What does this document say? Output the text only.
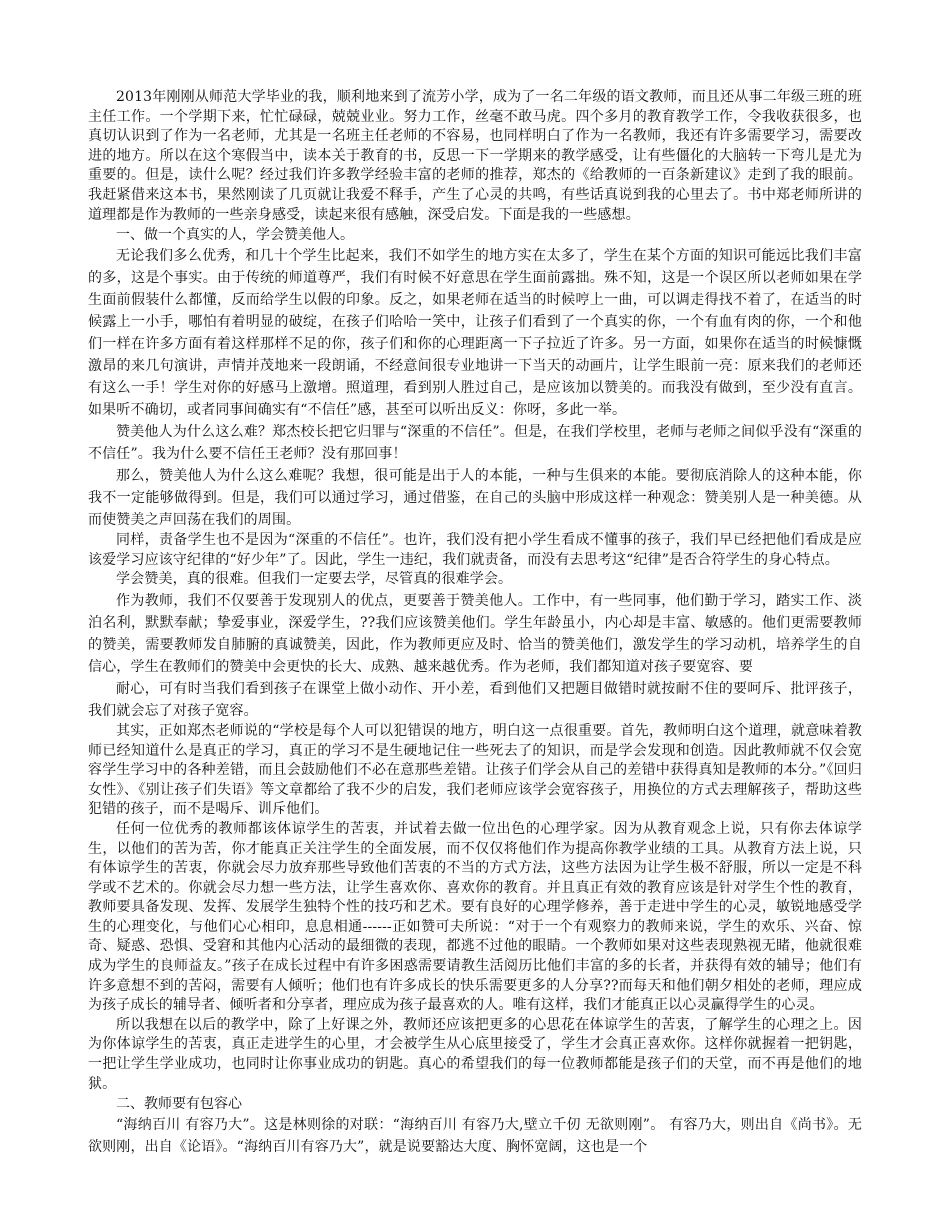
2013年刚刚从师范大学毕业的我，顺利地来到了流芳小学，成为了一名二年级的语文教师，而且还从事二年级三班的班主任工作。一个学期下来，忙忙碌碌，兢兢业业。努力工作，丝毫不敢马虎。四个多月的教育教学工作，令我收获很多，也真切认识到了作为一名老师，尤其是一名班主任老师的不容易，也同样明白了作为一名教师，我还有许多需要学习，需要改进的地方。所以在这个寒假当中，读本关于教育的书，反思一下一学期来的教学感受，让有些僵化的大脑转一下弯儿是尤为重要的。但是，读什么呢？经过我们许多教学经验丰富的老师的推荐，郑杰的《给教师的一百条新建议》走到了我的眼前。我赶紧借来这本书，果然刚读了几页就让我爱不释手，产生了心灵的共鸣，有些话真说到我的心里去了。书中郑老师所讲的道理都是作为教师的一些亲身感受，读起来很有感触，深受启发。下面是我的一些感想。

一、做一个真实的人，学会赞美他人。

无论我们多么优秀，和几十个学生比起来，我们不如学生的地方实在太多了，学生在某个方面的知识可能远比我们丰富的多，这是个事实。由于传统的师道尊严，我们有时候不好意思在学生面前露拙。殊不知，这是一个误区所以老师如果在学生面前假装什么都懂，反而给学生以假的印象。反之，如果老师在适当的时候哼上一曲，可以调走得找不着了，在适当的时候露上一小手，哪怕有着明显的破绽，在孩子们哈哈一笑中，让孩子们看到了一个真实的你，一个有血有肉的你，一个和他们一样在许多方面有着这样那样不足的你，孩子们和你的心理距离一下子拉近了许多。另一方面，如果你在适当的时候慷慨激昂的来几句演讲，声情并茂地来一段朗诵，不经意间很专业地讲一下当天的动画片，让学生眼前一亮：原来我们的老师还有这么一手！学生对你的好感马上激增。照道理，看到别人胜过自己，是应该加以赞美的。而我没有做到，至少没有直言。如果听不确切，或者同事间确实有“不信任”感，甚至可以听出反义：你呀，多此一举。

赞美他人为什么这么难？郑杰校长把它归罪与“深重的不信任”。但是，在我们学校里，老师与老师之间似乎没有“深重的不信任”。我为什么要不信任王老师？没有那回事！

那么，赞美他人为什么这么难呢？我想，很可能是出于人的本能，一种与生俱来的本能。要彻底消除人的这种本能，你我不一定能够做得到。但是，我们可以通过学习，通过借鉴，在自己的头脑中形成这样一种观念：赞美别人是一种美德。从而使赞美之声回荡在我们的周围。

同样，责备学生也不是因为“深重的不信任”。也许，我们没有把小学生看成不懂事的孩子，我们早已经把他们看成是应该爱学习应该守纪律的“好少年”了。因此，学生一违纪，我们就责备，而没有去思考这“纪律”是否合符学生的身心特点。

学会赞美，真的很难。但我们一定要去学，尽管真的很难学会。

作为教师，我们不仅要善于发现别人的优点，更要善于赞美他人。工作中，有一些同事，他们勤于学习，踏实工作、淡泊名利，默默奉献；挚爱事业，深爱学生，??我们应该赞美他们。学生年龄虽小，内心却是丰富、敏感的。他们更需要教师的赞美，需要教师发自肺腑的真诚赞美，因此，作为教师更应及时、恰当的赞美他们，激发学生的学习动机，培养学生的自信心，学生在教师们的赞美中会更快的长大、成熟、越来越优秀。作为老师，我们都知道对孩子要宽容、要

耐心，可有时当我们看到孩子在课堂上做小动作、开小差，看到他们又把题目做错时就按耐不住的要呵斥、批评孩子，我们就会忘了对孩子宽容。

其实，正如郑杰老师说的“学校是每个人可以犯错误的地方，明白这一点很重要。首先，教师明白这个道理，就意味着教师已经知道什么是真正的学习，真正的学习不是生硬地记住一些死去了的知识，而是学会发现和创造。因此教师就不仅会宽容学生学习中的各种差错，而且会鼓励他们不必在意那些差错。让孩子们学会从自己的差错中获得真知是教师的本分。”《回归女性》、《别让孩子们失语》等文章都给了我不少的启发，我们老师应该学会宽容孩子，用换位的方式去理解孩子，帮助这些犯错的孩子，而不是喝斥、训斥他们。

任何一位优秀的教师都该体谅学生的苦衷，并试着去做一位出色的心理学家。因为从教育观念上说，只有你去体谅学生，以他们的苦为苦，你才能真正关注学生的全面发展，而不仅仅将他们作为提高你教学业绩的工具。从教育方法上说，只有体谅学生的苦衷，你就会尽力放弃那些导致他们苦衷的不当的方式方法，这些方法因为让学生极不舒服，所以一定是不科学或不艺术的。你就会尽力想一些方法，让学生喜欢你、喜欢你的教育。并且真正有效的教育应该是针对学生个性的教育，教师要具备发现、发挥、发展学生独特个性的技巧和艺术。要有良好的心理学修养，善于走进中学生的心灵，敏锐地感受学生的心理变化，与他们心心相印，息息相通------正如赞可夫所说：“对于一个有观察力的教师来说，学生的欢乐、兴奋、惊奇、疑惑、恐惧、受窘和其他内心活动的最细微的表现，都逃不过他的眼睛。一个教师如果对这些表现熟视无睹，他就很难成为学生的良师益友。”孩子在成长过程中有许多困惑需要请教生活阅历比他们丰富的多的长者，并获得有效的辅导；他们有许多意想不到的苦闷，需要有人倾听；他们也有许多成长的快乐需要更多的人分享??而每天和他们朝夕相处的老师，理应成为孩子成长的辅导者、倾听者和分享者，理应成为孩子最喜欢的人。唯有这样，我们才能真正以心灵赢得学生的心灵。

所以我想在以后的教学中，除了上好课之外，教师还应该把更多的心思花在体谅学生的苦衷，了解学生的心理之上。因为你体谅学生的苦衷，真正走进学生的心里，才会被学生从心底里接受了，学生才会真正喜欢你。这样你就握着一把钥匙，一把让学生学业成功，也同时让你事业成功的钥匙。真心的希望我们的每一位教师都能是孩子们的天堂，而不再是他们的地狱。

二、教师要有包容心

“海纳百川 有容乃大”。这是林则徐的对联：“海纳百川 有容乃大,壁立千仞 无欲则刚”。 有容乃大，则出自《尚书》。无欲则刚，出自《论语》。“海纳百川有容乃大”，就是说要豁达大度、胸怀宽阔，这也是一个
